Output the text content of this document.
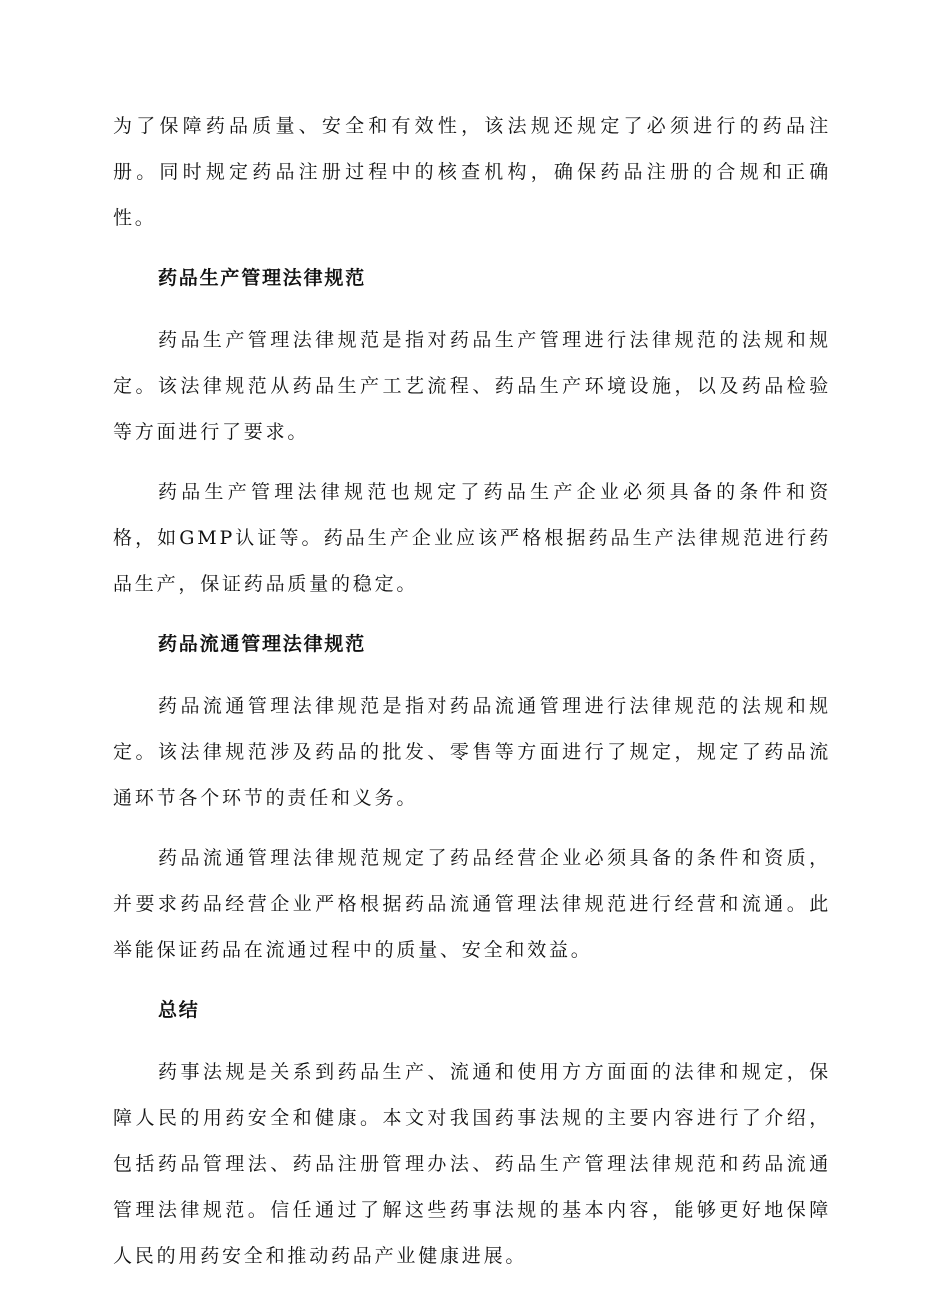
为了保障药品质量、安全和有效性，该法规还规定了必须进行的药品注册。同时规定药品注册过程中的核查机构，确保药品注册的合规和正确性。

药品生产管理法律规范

药品生产管理法律规范是指对药品生产管理进行法律规范的法规和规定。该法律规范从药品生产工艺流程、药品生产环境设施，以及药品检验等方面进行了要求。

药品生产管理法律规范也规定了药品生产企业必须具备的条件和资格，如GMP认证等。药品生产企业应该严格根据药品生产法律规范进行药品生产，保证药品质量的稳定。

药品流通管理法律规范

药品流通管理法律规范是指对药品流通管理进行法律规范的法规和规定。该法律规范涉及药品的批发、零售等方面进行了规定，规定了药品流通环节各个环节的责任和义务。

药品流通管理法律规范规定了药品经营企业必须具备的条件和资质，并要求药品经营企业严格根据药品流通管理法律规范进行经营和流通。此举能保证药品在流通过程中的质量、安全和效益。

总结

药事法规是关系到药品生产、流通和使用方方面面的法律和规定，保障人民的用药安全和健康。本文对我国药事法规的主要内容进行了介绍，包括药品管理法、药品注册管理办法、药品生产管理法律规范和药品流通管理法律规范。信任通过了解这些药事法规的基本内容，能够更好地保障人民的用药安全和推动药品产业健康进展。
